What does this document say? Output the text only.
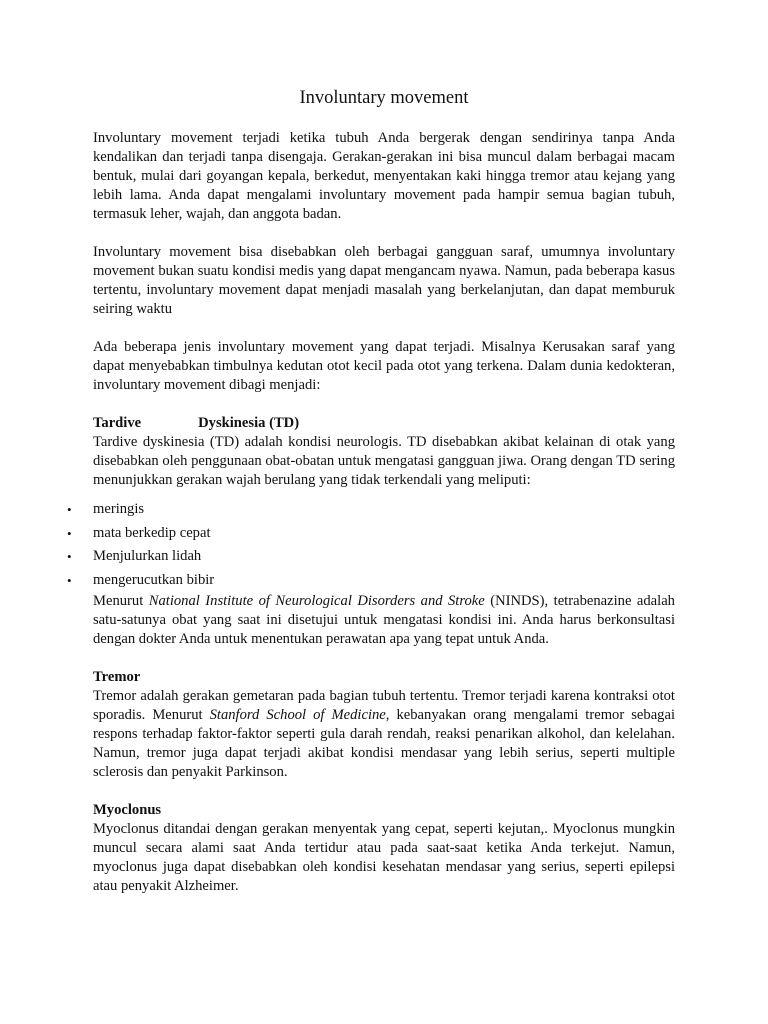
Involuntary movement

Involuntary movement terjadi ketika tubuh Anda bergerak dengan sendirinya tanpa Anda kendalikan dan terjadi tanpa disengaja. Gerakan-gerakan ini bisa muncul dalam berbagai macam bentuk, mulai dari goyangan kepala, berkedut, menyentakan kaki hingga tremor atau kejang yang lebih lama. Anda dapat mengalami involuntary movement pada hampir semua bagian tubuh, termasuk leher, wajah, dan anggota badan.

Involuntary movement bisa disebabkan oleh berbagai gangguan saraf, umumnya involuntary movement bukan suatu kondisi medis yang dapat mengancam nyawa. Namun, pada beberapa kasus tertentu, involuntary movement dapat menjadi masalah yang berkelanjutan, dan dapat memburuk seiring waktu

Ada beberapa jenis involuntary movement yang dapat terjadi. Misalnya Kerusakan saraf yang dapat menyebabkan timbulnya kedutan otot kecil pada otot yang terkena. Dalam dunia kedokteran, involuntary movement dibagi menjadi:

Tardive	Dyskinesia (TD)

Tardive dyskinesia (TD) adalah kondisi neurologis. TD disebabkan akibat kelainan di otak yang disebabkan oleh penggunaan obat-obatan untuk mengatasi gangguan jiwa. Orang dengan TD sering menunjukkan gerakan wajah berulang yang tidak terkendali yang meliputi:

• meringis
• mata berkedip cepat
• Menjulurkan lidah
• mengerucutkan bibir

Menurut National Institute of Neurological Disorders and Stroke (NINDS), tetrabenazine adalah satu-satunya obat yang saat ini disetujui untuk mengatasi kondisi ini. Anda harus berkonsultasi dengan dokter Anda untuk menentukan perawatan apa yang tepat untuk Anda.

Tremor

Tremor adalah gerakan gemetaran pada bagian tubuh tertentu. Tremor terjadi karena kontraksi otot sporadis. Menurut Stanford School of Medicine, kebanyakan orang mengalami tremor sebagai respons terhadap faktor-faktor seperti gula darah rendah, reaksi penarikan alkohol, dan kelelahan. Namun, tremor juga dapat terjadi akibat kondisi mendasar yang lebih serius, seperti multiple sclerosis dan penyakit Parkinson.

Myoclonus

Myoclonus ditandai dengan gerakan menyentak yang cepat, seperti kejutan,. Myoclonus mungkin muncul secara alami saat Anda tertidur atau pada saat-saat ketika Anda terkejut. Namun, myoclonus juga dapat disebabkan oleh kondisi kesehatan mendasar yang serius, seperti epilepsi atau penyakit Alzheimer.
